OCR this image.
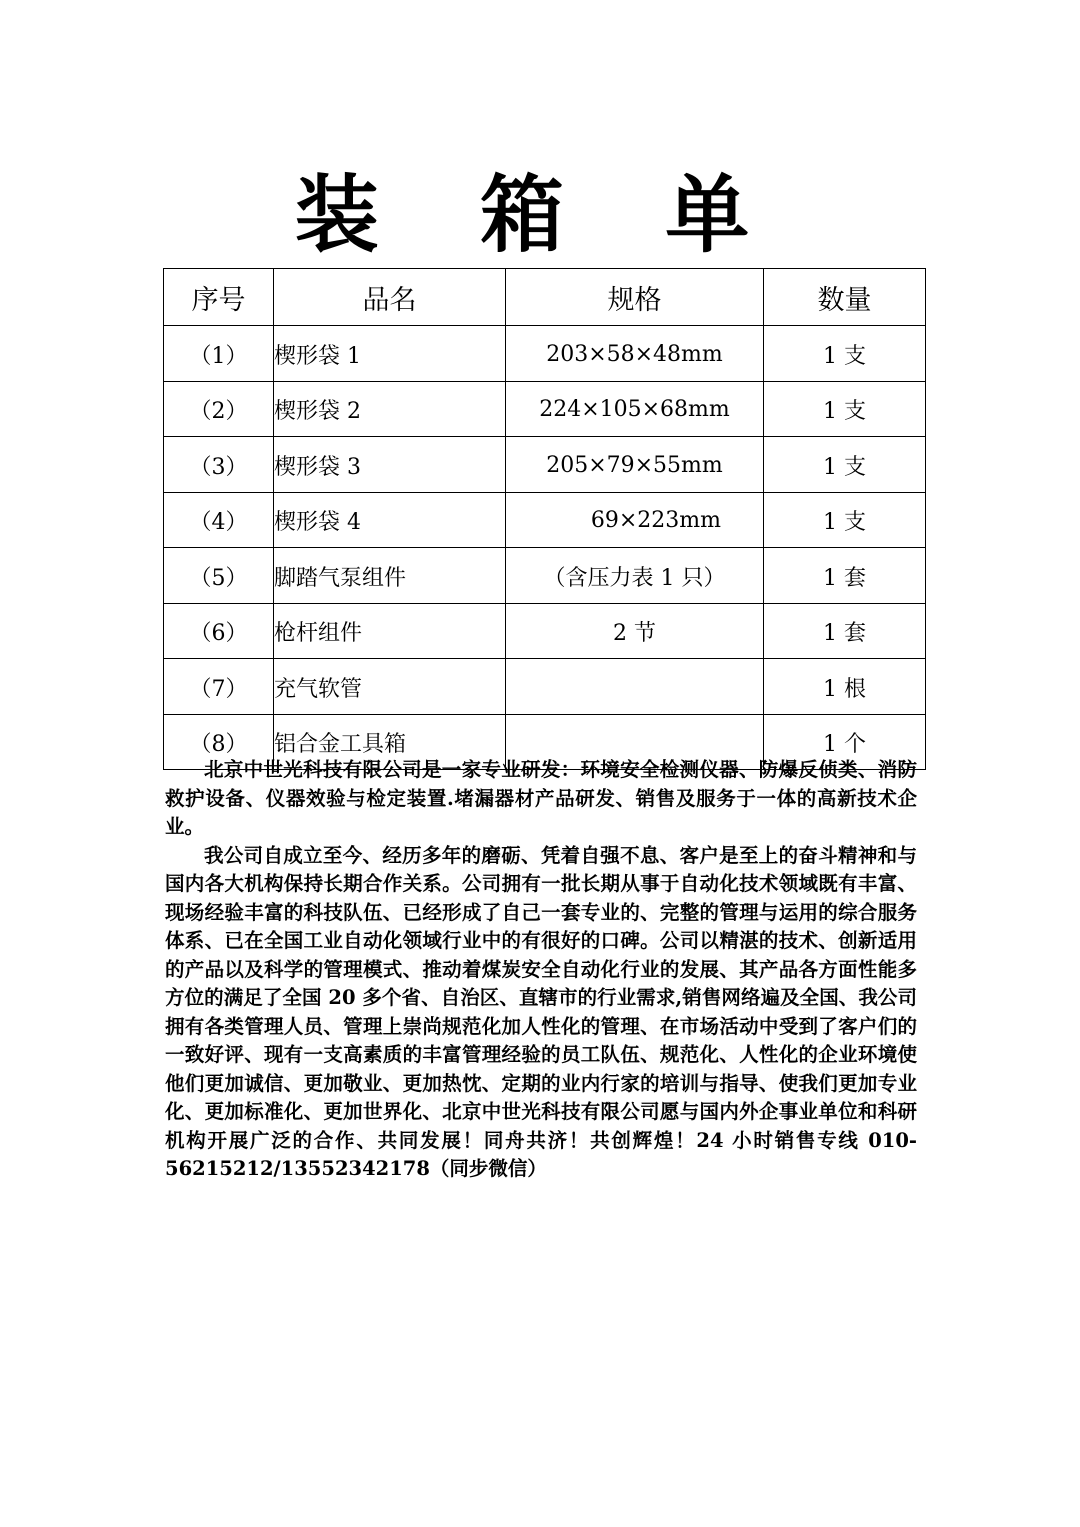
装 箱 单
序号	品名	规格	数量
（1）	楔形袋 1	203×58×48mm	1 支
（2）	楔形袋 2	224×105×68mm	1 支
（3）	楔形袋 3	205×79×55mm	1 支
（4）	楔形袋 4	69×223mm	1 支
（5）	脚踏气泵组件	（含压力表 1 只）	1 套
（6）	枪杆组件	2 节	1 套
（7）	充气软管		1 根
（8）	铝合金工具箱		1 个

北京中世光科技有限公司是一家专业研发：环境安全检测仪器、防爆反侦类、消防救护设备、仪器效验与检定装置.堵漏器材产品研发、销售及服务于一体的高新技术企业。

我公司自成立至今、经历多年的磨砺、凭着自强不息、客户是至上的奋斗精神和与国内各大机构保持长期合作关系。公司拥有一批长期从事于自动化技术领域既有丰富、现场经验丰富的科技队伍、已经形成了自己一套专业的、完整的管理与运用的综合服务体系、已在全国工业自动化领域行业中的有很好的口碑。公司以精湛的技术、创新适用的产品以及科学的管理模式、推动着煤炭安全自动化行业的发展、其产品各方面性能多方位的满足了全国 20 多个省、自治区、直辖市的行业需求,销售网络遍及全国、我公司拥有各类管理人员、管理上崇尚规范化加人性化的管理、在市场活动中受到了客户们的一致好评、现有一支高素质的丰富管理经验的员工队伍、规范化、人性化的企业环境使他们更加诚信、更加敬业、更加热忱、定期的业内行家的培训与指导、使我们更加专业化、更加标准化、更加世界化、北京中世光科技有限公司愿与国内外企事业单位和科研机构开展广泛的合作、共同发展！同舟共济！共创辉煌！24 小时销售专线 010-56215212/13552342178（同步微信）
